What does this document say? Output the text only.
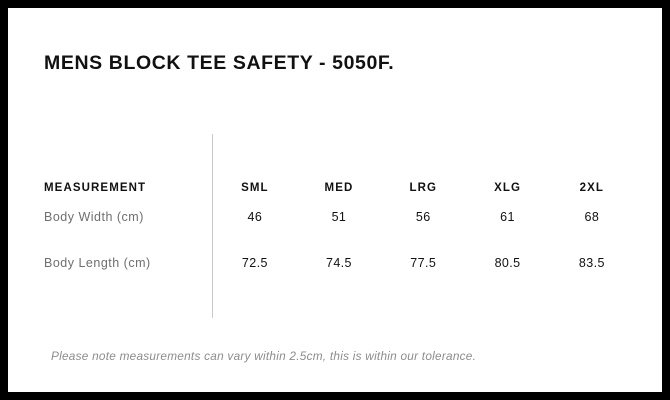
MENS BLOCK TEE SAFETY - 5050F.
MEASUREMENT	SML	MED	LRG	XLG	2XL
Body Width (cm)	46	51	56	61	68
Body Length (cm)	72.5	74.5	77.5	80.5	83.5

Please note measurements can vary within 2.5cm, this is within our tolerance.
